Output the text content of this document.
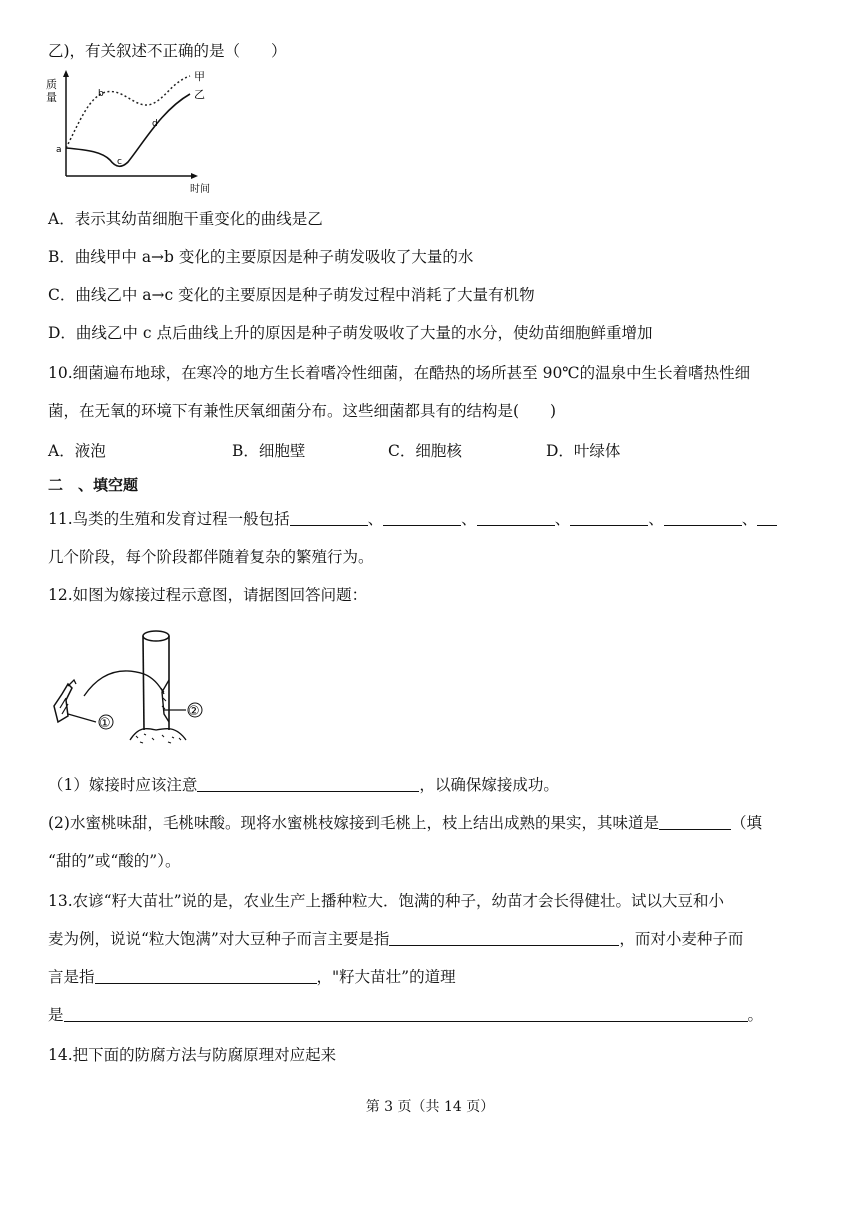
乙)，有关叙述不正确的是（　　）
质
量
时间
甲
乙
a
b
c
d
A．表示其幼苗细胞干重变化的曲线是乙
B．曲线甲中 a→b 变化的主要原因是种子萌发吸收了大量的水
C．曲线乙中 a→c 变化的主要原因是种子萌发过程中消耗了大量有机物
D．曲线乙中 c 点后曲线上升的原因是种子萌发吸收了大量的水分，使幼苗细胞鲜重增加
10.细菌遍布地球，在寒冷的地方生长着嗜冷性细菌，在酷热的场所甚至 90℃的温泉中生长着嗜热性细
菌，在无氧的环境下有兼性厌氧细菌分布。这些细菌都具有的结构是(　　)
A．液泡	B．细胞壁	C．细胞核	D．叶绿体
二　、填空题
11.鸟类的生殖和发育过程一般包括	、	、	、	、	、
几个阶段，每个阶段都伴随着复杂的繁殖行为。
12.如图为嫁接过程示意图，请据图回答问题：
①
②
（1）嫁接时应该注意	，以确保嫁接成功。
(2)水蜜桃味甜，毛桃味酸。现将水蜜桃枝嫁接到毛桃上，枝上结出成熟的果实，其味道是	（填
“甜的”或“酸的”）。
13.农谚“籽大苗壮”说的是，农业生产上播种粒大．饱满的种子，幼苗才会长得健壮。试以大豆和小
麦为例，说说“粒大饱满”对大豆种子而言主要是指	，而对小麦种子而
言是指	，"籽大苗壮”的道理
是	。
14.把下面的防腐方法与防腐原理对应起来
第 3 页（共 14 页）
